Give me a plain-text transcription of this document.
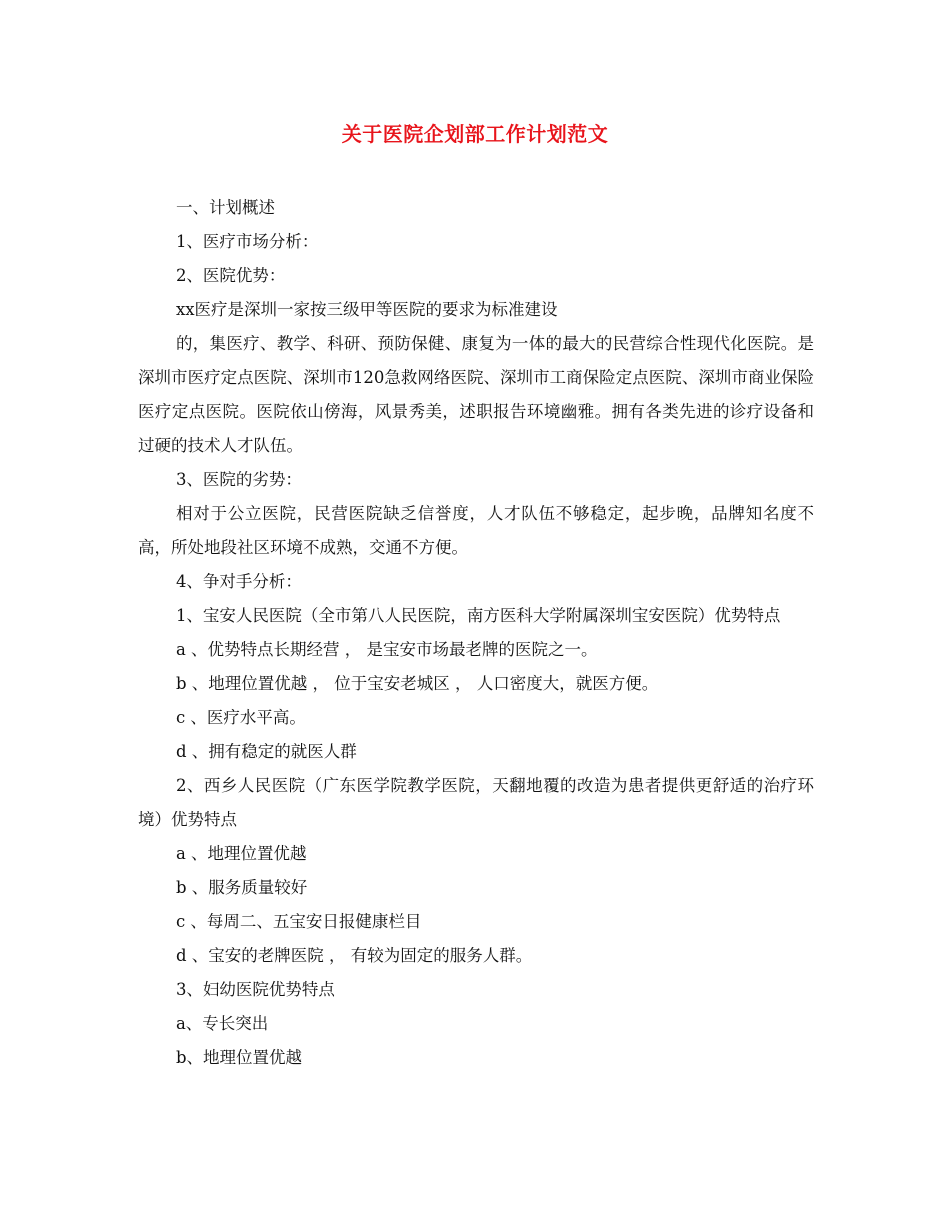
关于医院企划部工作计划范文

一、计划概述

1、医疗市场分析：

2、医院优势：

xx医疗是深圳一家按三级甲等医院的要求为标准建设

的，集医疗、教学、科研、预防保健、康复为一体的最大的民营综合性现代化医院。是深圳市医疗定点医院、深圳市120急救网络医院、深圳市工商保险定点医院、深圳市商业保险医疗定点医院。医院依山傍海，风景秀美，述职报告环境幽雅。拥有各类先进的诊疗设备和过硬的技术人才队伍。

3、医院的劣势：

相对于公立医院，民营医院缺乏信誉度，人才队伍不够稳定，起步晚，品牌知名度不高，所处地段社区环境不成熟，交通不方便。

4、争对手分析：

1、宝安人民医院（全市第八人民医院，南方医科大学附属深圳宝安医院）优势特点

a 、优势特点长期经营 ， 是宝安市场最老牌的医院之一。

b 、地理位置优越 ， 位于宝安老城区 ， 人口密度大，就医方便。

c 、医疗水平高。

d 、拥有稳定的就医人群

2、西乡人民医院（广东医学院教学医院，天翻地覆的改造为患者提供更舒适的治疗环境）优势特点

a 、地理位置优越

b 、服务质量较好

c 、每周二、五宝安日报健康栏目

d 、宝安的老牌医院 ， 有较为固定的服务人群。

3、妇幼医院优势特点

a、专长突出

b、地理位置优越
